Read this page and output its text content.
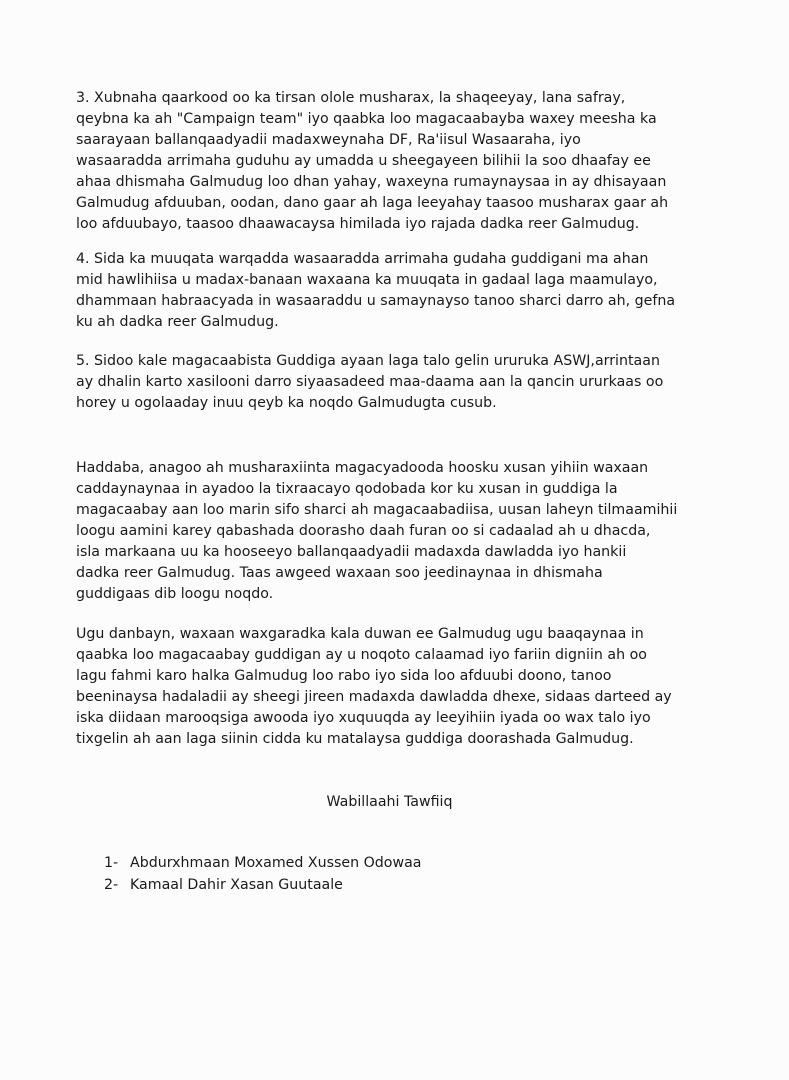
3. Xubnaha qaarkood oo ka tirsan olole musharax, la shaqeeyay, lana safray,
qeybna ka ah "Campaign team" iyo qaabka loo magacaabayba waxey meesha ka
saarayaan ballanqaadyadii madaxweynaha DF, Ra'iisul Wasaaraha, iyo
wasaaradda arrimaha guduhu ay umadda u sheegayeen bilihii la soo dhaafay ee
ahaa dhismaha Galmudug loo dhan yahay, waxeyna rumaynaysaa in ay dhisayaan
Galmudug afduuban, oodan, dano gaar ah laga leeyahay taasoo musharax gaar ah
loo afduubayo, taasoo dhaawacaysa himilada iyo rajada dadka reer Galmudug.

4. Sida ka muuqata warqadda wasaaradda arrimaha gudaha guddigani ma ahan
mid hawlihiisa u madax-banaan waxaana ka muuqata in gadaal laga maamulayo,
dhammaan habraacyada in wasaaraddu u samaynayso tanoo sharci darro ah, gefna
ku ah dadka reer Galmudug.

5. Sidoo kale magacaabista Guddiga ayaan laga talo gelin ururuka ASWJ,arrintaan
ay dhalin karto xasilooni darro siyaasadeed maa-daama aan la qancin ururkaas oo
horey u ogolaaday inuu qeyb ka noqdo Galmudugta cusub.

Haddaba, anagoo ah musharaxiinta magacyadooda hoosku xusan yihiin waxaan
caddaynaynaa in ayadoo la tixraacayo qodobada kor ku xusan in guddiga la
magacaabay aan loo marin sifo sharci ah magacaabadiisa, uusan laheyn tilmaamihii
loogu aamini karey qabashada doorasho daah furan oo si cadaalad ah u dhacda,
isla markaana uu ka hooseeyo ballanqaadyadii madaxda dawladda iyo hankii
dadka reer Galmudug. Taas awgeed waxaan soo jeedinaynaa in dhismaha
guddigaas dib loogu noqdo.

Ugu danbayn, waxaan waxgaradka kala duwan ee Galmudug ugu baaqaynaa in
qaabka loo magacaabay guddigan ay u noqoto calaamad iyo fariin digniin ah oo
lagu fahmi karo halka Galmudug loo rabo iyo sida loo afduubi doono, tanoo
beeninaysa hadaladii ay sheegi jireen madaxda dawladda dhexe, sidaas darteed ay
iska diidaan marooqsiga awooda iyo xuquuqda ay leeyihiin iyada oo wax talo iyo
tixgelin ah aan laga siinin cidda ku matalaysa guddiga doorashada Galmudug.

Wabillaahi Tawfiiq
1- Abdurxhmaan Moxamed Xussen Odowaa
2- Kamaal Dahir Xasan Guutaale
